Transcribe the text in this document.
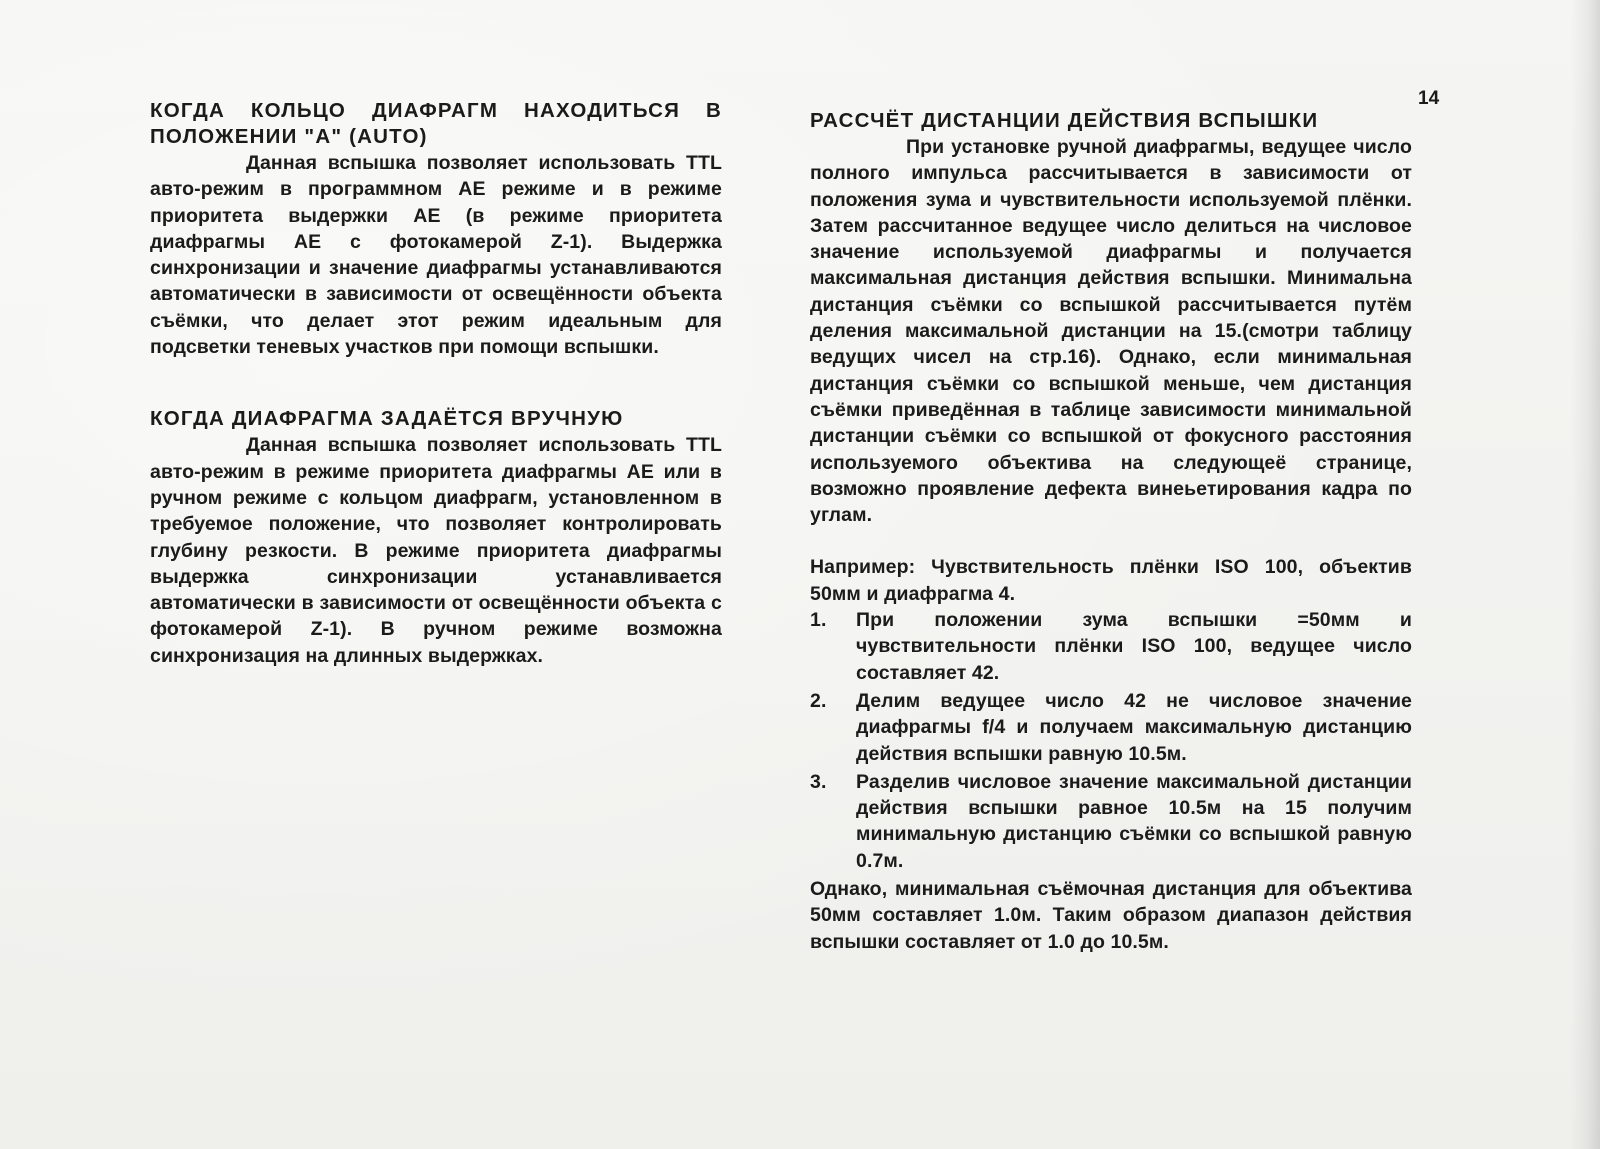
14

КОГДА КОЛЬЦО ДИАФРАГМ НАХОДИТЬСЯ В ПОЛОЖЕНИИ "А" (AUTO)

Данная вспышка позволяет использовать TTL авто-режим в программном AE режиме и в режиме приоритета выдержки AE (в режиме приоритета диафрагмы AE с фотокамерой Z-1). Выдержка синхронизации и значение диафрагмы устанавливаются автоматически в зависимости от освещённости объекта съёмки, что делает этот режим идеальным для подсветки теневых участков при помощи вспышки.

КОГДА ДИАФРАГМА ЗАДАЁТСЯ ВРУЧНУЮ

Данная вспышка позволяет использовать TTL авто-режим в режиме приоритета диафрагмы AE или в ручном режиме с кольцом диафрагм, установленном в требуемое положение, что позволяет контролировать глубину резкости. В режиме приоритета диафрагмы выдержка синхронизации устанавливается автоматически в зависимости от освещённости объекта с фотокамерой Z-1). В ручном режиме возможна синхронизация на длинных выдержках.

РАССЧЁТ ДИСТАНЦИИ ДЕЙСТВИЯ ВСПЫШКИ

При установке ручной диафрагмы, ведущее число полного импульса рассчитывается в зависимости от положения зума и чувствительности используемой плёнки. Затем рассчитанное ведущее число делиться на числовое значение используемой диафрагмы и получается максимальная дистанция действия вспышки. Минимальна дистанция съёмки со вспышкой рассчитывается путём деления максимальной дистанции на 15.(смотри таблицу ведущих чисел на стр.16). Однако, если минимальная дистанция съёмки со вспышкой меньше, чем дистанция съёмки приведённая в таблице зависимости минимальной дистанции съёмки со вспышкой от фокусного расстояния используемого объектива на следующеё странице, возможно проявление дефекта винеьетирования кадра по углам.

Например: Чувствительность плёнки ISO 100, объектив 50мм и диафрагма 4.

1.	При положении зума вспышки =50мм и чувствительности плёнки ISO 100, ведущее число составляет 42.
2.	Делим ведущее число 42 не числовое значение диафрагмы f/4 и получаем максимальную дистанцию действия вспышки равную 10.5м.
3.	Разделив числовое значение максимальной дистанции действия вспышки равное 10.5м на 15 получим минимальную дистанцию съёмки со вспышкой равную 0.7м.

Однако, минимальная съёмочная дистанция для объектива 50мм составляет 1.0м. Таким образом диапазон действия вспышки составляет от 1.0 до 10.5м.
